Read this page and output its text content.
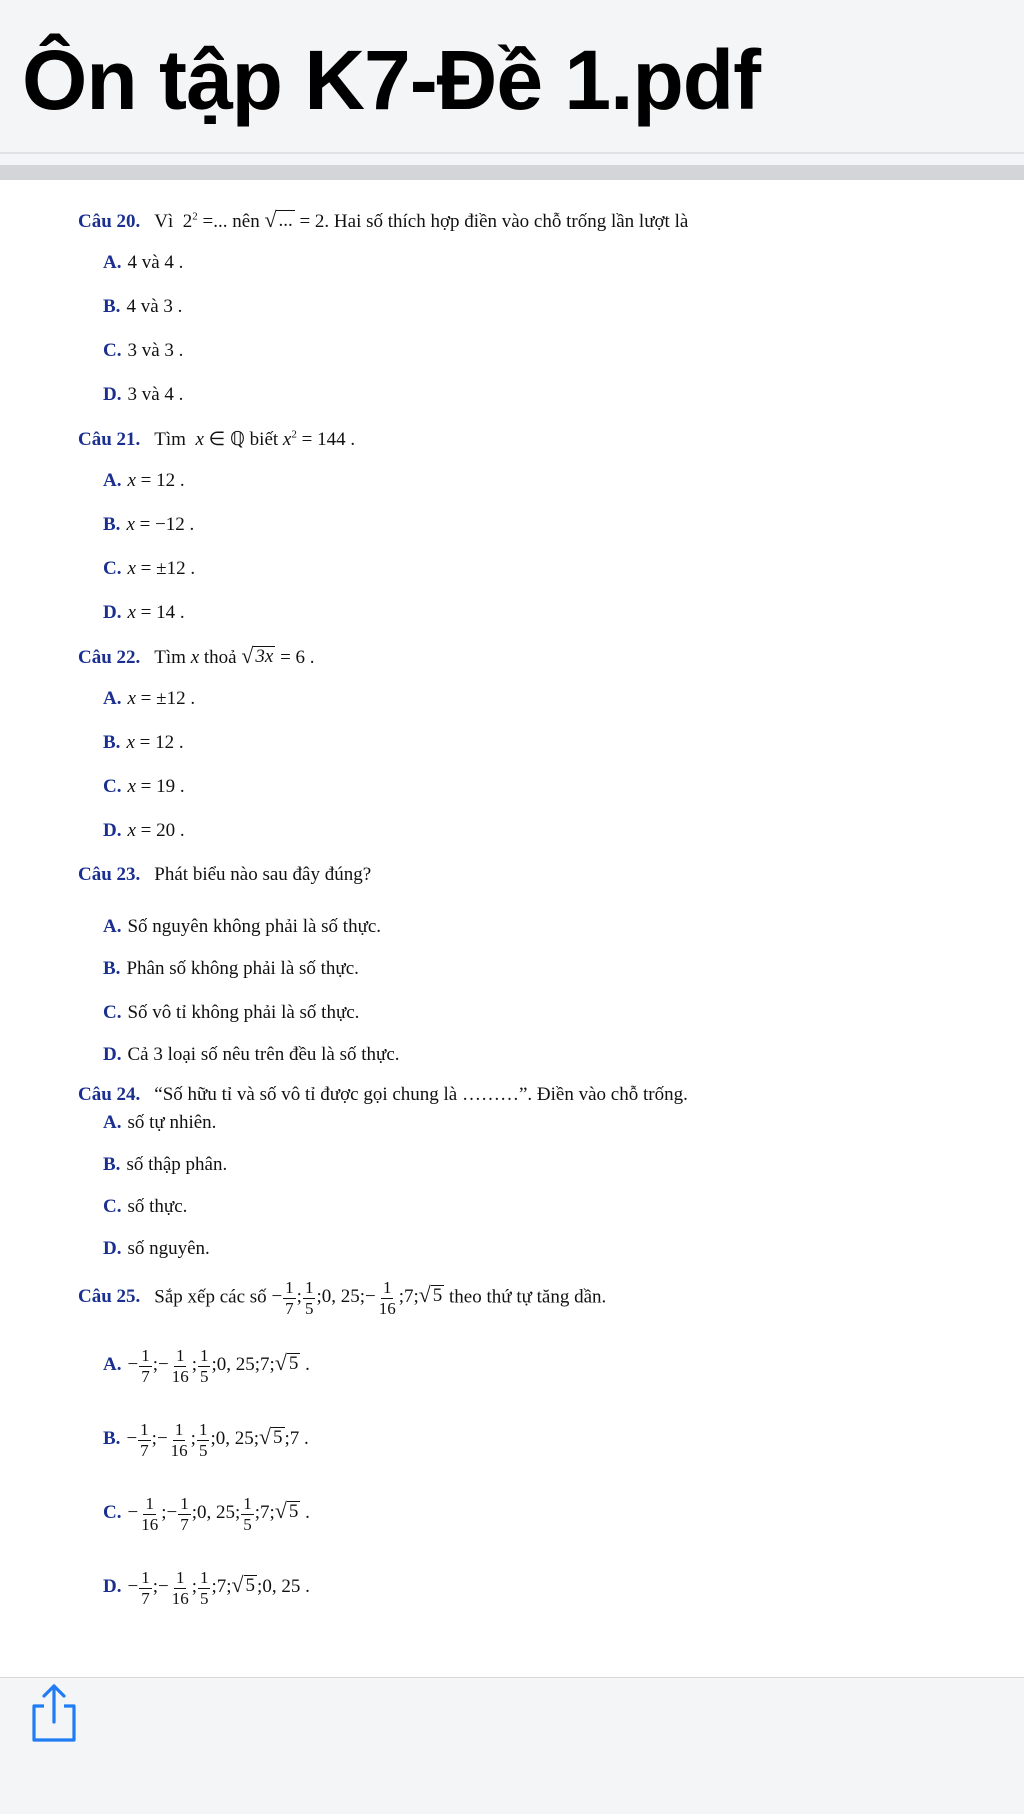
Ôn tập K7-Đề 1.pdf
Câu 20. Vì $2^2$ =... nên √ ... = 2. Hai số thích hợp điền vào chỗ trống lần lượt là
A. 4 và 4 .
B. 4 và 3 .
C. 3 và 3 .
D. 3 và 4 .
Câu 21. Tìm x ∈ ℚ biết $x^2 = 144$ .
A. x = 12 .
B. x = −12 .
C. x = ±12 .
D. x = 14 .
Câu 22. Tìm x thoả √ 3x = 6 .
A. x = ±12 .
B. x = 12 .
C. x = 19 .
D. x = 20 .
Câu 23. Phát biểu nào sau đây đúng?
A. Số nguyên không phải là số thực.
B. Phân số không phải là số thực.
C. Số vô tỉ không phải là số thực.
D. Cả 3 loại số nêu trên đều là số thực.
Câu 24. “Số hữu tỉ và số vô tỉ được gọi chung là ………”. Điền vào chỗ trống.
A. số tự nhiên.
B. số thập phân.
C. số thực.
D. số nguyên.
Câu 25. Sắp xếp các số − $\frac{1}{7}$ ; $\frac{1}{5}$ ;0, 25;− $\frac{1}{16}$ ;7; √ 5 theo thứ tự tăng dần.
A. − $\frac{1}{7}$ ;− $\frac{1}{16}$ ; $\frac{1}{5}$ ;0, 25;7; √ 5 .
B. − $\frac{1}{7}$ ;− $\frac{1}{16}$ ; $\frac{1}{5}$ ;0, 25; √ 5 ;7 .
C. − $\frac{1}{16}$ ;− $\frac{1}{7}$ ;0, 25; $\frac{1}{5}$ ;7; √ 5 .
D. − $\frac{1}{7}$ ;− $\frac{1}{16}$ ; $\frac{1}{5}$ ;7; √ 5 ;0, 25 .
